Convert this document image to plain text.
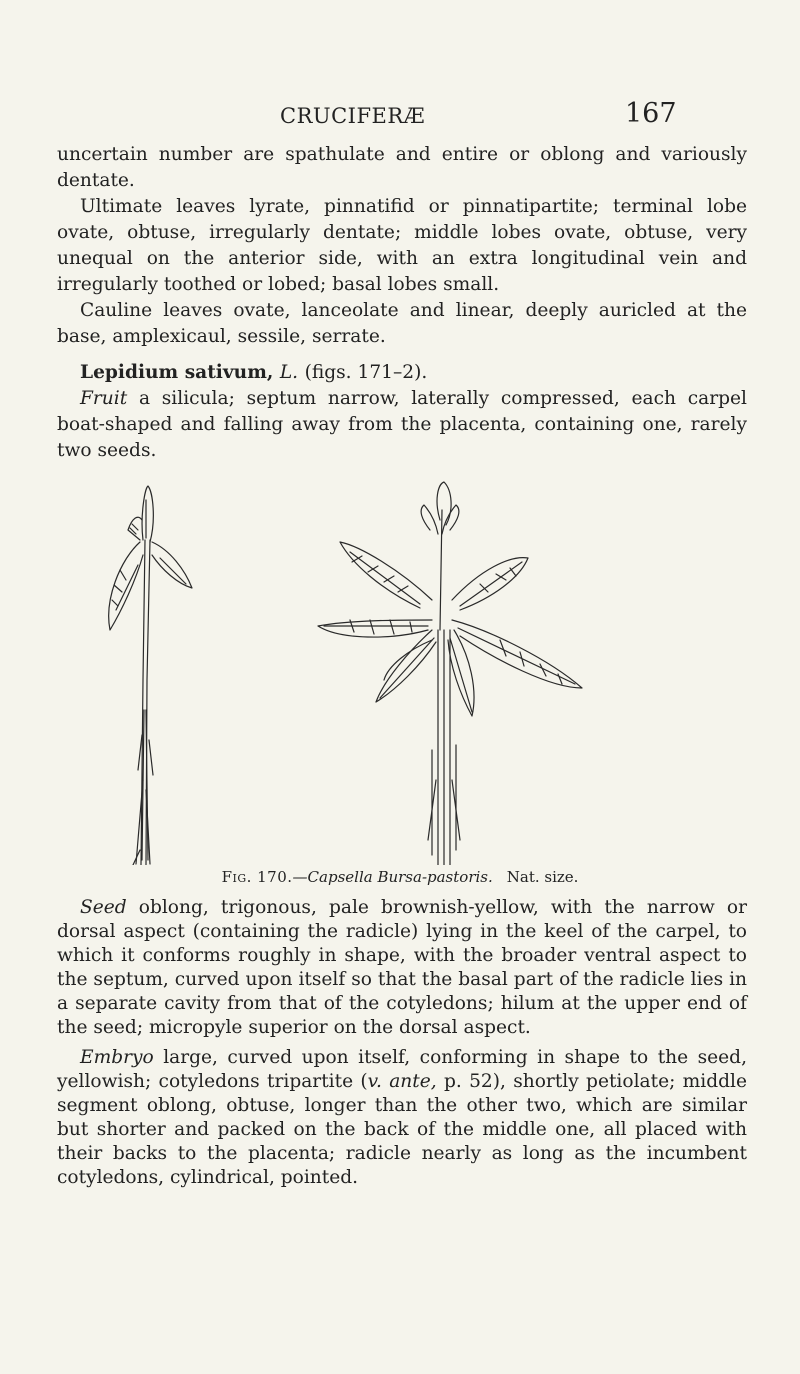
CRUCIFERÆ	167

uncertain number are spathulate and entire or oblong and variously dentate.

Ultimate leaves lyrate, pinnatifid or pinnatipartite; terminal lobe ovate, obtuse, irregularly dentate; middle lobes ovate, obtuse, very unequal on the anterior side, with an extra longitudinal vein and irregularly toothed or lobed; basal lobes small.

Cauline leaves ovate, lanceolate and linear, deeply auricled at the base, amplexicaul, sessile, serrate.

Lepidium sativum, L. (figs. 171–2).

Fruit a silicula; septum narrow, laterally compressed, each carpel boat-shaped and falling away from the placenta, containing one, rarely two seeds.

Fig. 170.—Capsella Bursa-pastoris. Nat. size.

Seed oblong, trigonous, pale brownish-yellow, with the narrow or dorsal aspect (containing the radicle) lying in the keel of the carpel, to which it conforms roughly in shape, with the broader ventral aspect to the septum, curved upon itself so that the basal part of the radicle lies in a separate cavity from that of the cotyledons; hilum at the upper end of the seed; micropyle superior on the dorsal aspect.

Embryo large, curved upon itself, conforming in shape to the seed, yellowish; cotyledons tripartite (v. ante, p. 52), shortly petiolate; middle segment oblong, obtuse, longer than the other two, which are similar but shorter and packed on the back of the middle one, all placed with their backs to the placenta; radicle nearly as long as the incumbent cotyledons, cylindrical, pointed.
